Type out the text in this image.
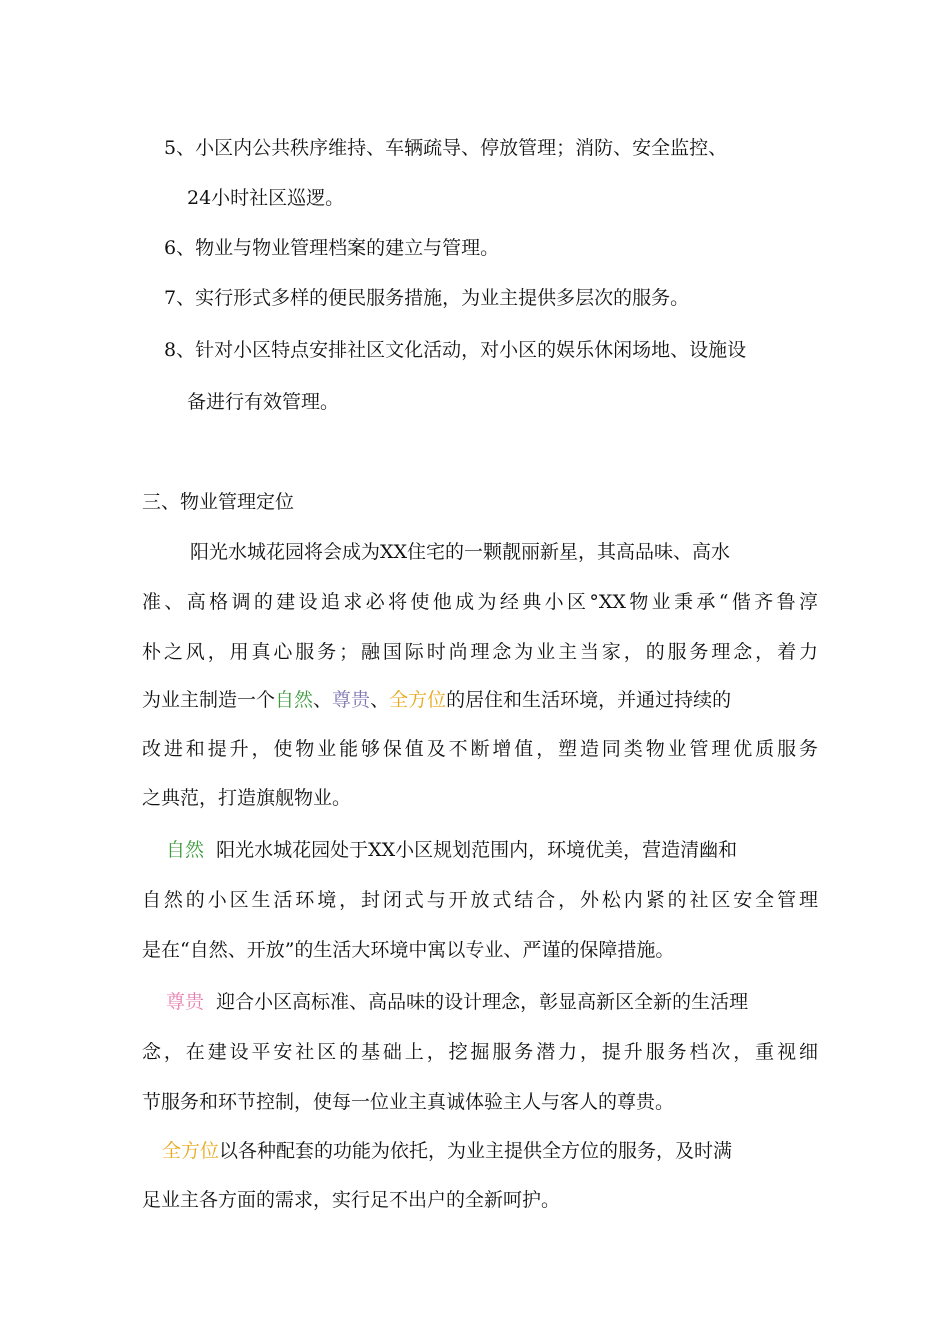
5、小区内公共秩序维持、车辆疏导、停放管理；消防、安全监控、
24小时社区巡逻。
6、物业与物业管理档案的建立与管理。
7、实行形式多样的便民服务措施，为业主提供多层次的服务。
8、针对小区特点安排社区文化活动，对小区的娱乐休闲场地、设施设
备进行有效管理。
三、物业管理定位
阳光水城花园将会成为XX住宅的一颗靓丽新星，其高品味、高水
准、高格调的建设追求必将使他成为经典小区°XX物业秉承“偕齐鲁淳
朴之风，用真心服务；融国际时尚理念为业主当家，的服务理念，着力
为业主制造一个自然、尊贵、全方位的居住和生活环境，并通过持续的
改进和提升，使物业能够保值及不断增值，塑造同类物业管理优质服务
之典范，打造旗舰物业。
自然 阳光水城花园处于XX小区规划范围内，环境优美，营造清幽和
自然的小区生活环境，封闭式与开放式结合，外松内紧的社区安全管理
是在“自然、开放”的生活大环境中寓以专业、严谨的保障措施。
尊贵 迎合小区高标准、高品味的设计理念，彰显高新区全新的生活理
念，在建设平安社区的基础上，挖掘服务潜力，提升服务档次，重视细
节服务和环节控制，使每一位业主真诚体验主人与客人的尊贵。
全方位以各种配套的功能为依托，为业主提供全方位的服务，及时满
足业主各方面的需求，实行足不出户的全新呵护。
